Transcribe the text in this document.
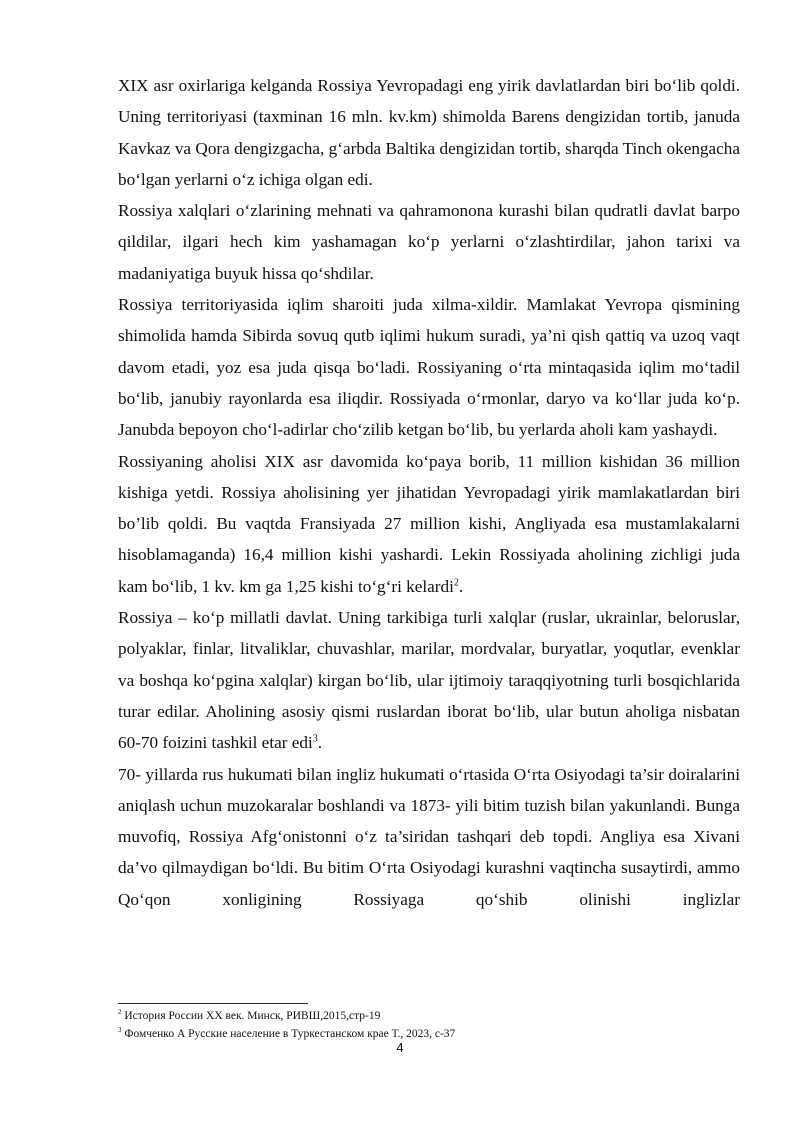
XIX asr oxirlariga kelganda Rossiya Yevropadagi eng yirik davlatlardan biri bo‘lib qoldi. Uning territoriyasi (taxminan 16 mln. kv.km) shimolda Barens dengizidan tortib, januda Kavkaz va Qora dengizgacha, g‘arbda Baltika dengizidan tortib, sharqda Tinch okengacha bo‘lgan yerlarni o‘z ichiga olgan edi.

Rossiya xalqlari o‘zlarining mehnati va qahramonona kurashi bilan qudratli davlat barpo qildilar, ilgari hech kim yashamagan ko‘p yerlarni o‘zlashtirdilar, jahon tarixi va madaniyatiga buyuk hissa qo‘shdilar.

Rossiya territoriyasida iqlim sharoiti juda xilma-xildir. Mamlakat Yevropa qismining shimolida hamda Sibirda sovuq qutb iqlimi hukum suradi, ya’ni qish qattiq va uzoq vaqt davom etadi, yoz esa juda qisqa bo‘ladi. Rossiyaning o‘rta mintaqasida iqlim mo‘tadil bo‘lib, janubiy rayonlarda esa iliqdir. Rossiyada o‘rmonlar, daryo va ko‘llar juda ko‘p. Janubda bepoyon cho‘l-adirlar cho‘zilib ketgan bo‘lib, bu yerlarda aholi kam yashaydi.

Rossiyaning aholisi XIX asr davomida ko‘paya borib, 11 million kishidan 36 million kishiga yetdi. Rossiya aholisining yer jihatidan Yevropadagi yirik mamlakatlardan biri bo’lib qoldi. Bu vaqtda Fransiyada 27 million kishi, Angliyada esa mustamlakalarni hisoblamaganda) 16,4 million kishi yashardi. Lekin Rossiyada aholining zichligi juda kam bo‘lib, 1 kv. km ga 1,25 kishi to‘g‘ri kelardi$^2$.

Rossiya – ko‘p millatli davlat. Uning tarkibiga turli xalqlar (ruslar, ukrainlar, beloruslar, polyaklar, finlar, litvaliklar, chuvashlar, marilar, mordvalar, buryatlar, yoqutlar, evenklar va boshqa ko‘pgina xalqlar) kirgan bo‘lib, ular ijtimoiy taraqqiyotning turli bosqichlarida turar edilar. Aholining asosiy qismi ruslardan iborat bo‘lib, ular butun aholiga nisbatan 60-70 foizini tashkil etar edi$^3$.

70- yillarda rus hukumati bilan ingliz hukumati o‘rtasida O‘rta Osiyodagi ta’sir doiralarini aniqlash uchun muzokaralar boshlandi va 1873- yili bitim tuzish bilan yakunlandi. Bunga muvofiq, Rossiya Afg‘onistonni o‘z ta’siridan tashqari deb topdi. Angliya esa Xivani da’vo qilmaydigan bo‘ldi. Bu bitim O‘rta Osiyodagi kurashni vaqtincha susaytirdi, ammo Qo‘qon xonligining Rossiyaga qo‘shib olinishi inglizlar

$^2$ История России XX век. Минск, РИВШ,2015,стр-19

$^3$ Фомченко А Русские население в Туркестанском крае Т., 2023, с-37

4
